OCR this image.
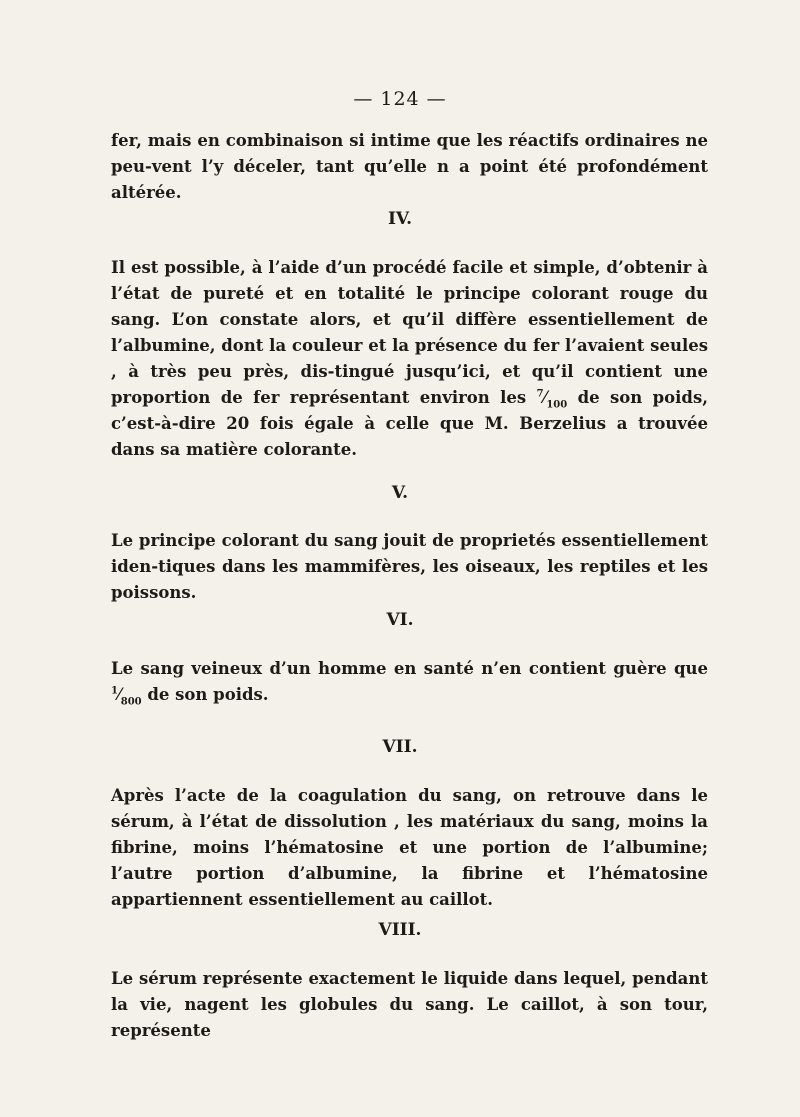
— 124 —
fer, mais en combinaison si intime que les réactifs ordinaires ne peu-vent l’y déceler, tant qu’elle n a point été profondément altérée.
IV.
Il est possible, à l’aide d’un procédé facile et simple, d’obtenir à l’état de pureté et en totalité le principe colorant rouge du sang. L’on constate alors, et qu’il diffère essentiellement de l’albumine, dont la couleur et la présence du fer l’avaient seules , à très peu près, dis-tingué jusqu’ici, et qu’il contient une proportion de fer représentant environ les $^7⁄_{100}$ de son poids, c’est-à-dire 20 fois égale à celle que M. Berzelius a trouvée dans sa matière colorante.
V.
Le principe colorant du sang jouit de proprietés essentiellement iden-tiques dans les mammifères, les oiseaux, les reptiles et les poissons.
VI.
Le sang veineux d’un homme en santé n’en contient guère que $^1⁄_{800}$ de son poids.
VII.
Après l’acte de la coagulation du sang, on retrouve dans le sérum, à l’état de dissolution , les matériaux du sang, moins la fibrine, moins l’hématosine et une portion de l’albumine; l’autre portion d’albumine, la fibrine et l’hématosine appartiennent essentiellement au caillot.
VIII.
Le sérum représente exactement le liquide dans lequel, pendant la vie, nagent les globules du sang. Le caillot, à son tour, représente
